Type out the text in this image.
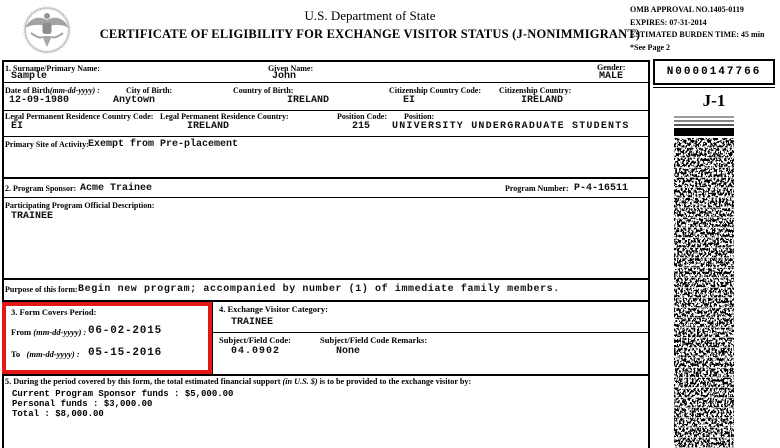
U.S. Department of State
CERTIFICATE OF ELIGIBILITY FOR EXCHANGE VISITOR STATUS (J-NONIMMIGRANT)
OMB APPROVAL NO.1405-0119
EXPIRES: 07-31-2014
ESTIMATED BURDEN TIME: 45 min
*See Page 2
1. Surname/Primary Name:
Sample
Given Name:
John
Gender:
MALE
Date of Birth(mm-dd-yyyy) :
12-09-1980
City of Birth:
Anytown
Country of Birth:
IRELAND
Citizenship Country Code:
EI
Citizenship Country:
IRELAND
Legal Permanent Residence Country Code:
EI
Legal Permanent Residence Country:
IRELAND
Position Code:
215
Position:
UNIVERSITY UNDERGRADUATE STUDENTS
Primary Site of Activity: Exempt from Pre-placement
2. Program Sponsor: Acme Trainee	Program Number: P-4-16511
Participating Program Official Description:
TRAINEE
Purpose of this form: Begin new program; accompanied by number (1) of immediate family members.
3. Form Covers Period:
From (mm-dd-yyyy) : 06-02-2015
To (mm-dd-yyyy) : 05-15-2016
4. Exchange Visitor Category:
TRAINEE
Subject/Field Code:
04.0902
Subject/Field Code Remarks:
None
5. During the period covered by this form, the total estimated financial support (in U.S. $) is to be provided to the exchange visitor by:
Current Program Sponsor funds : $5,000.00
Personal funds : $3,000.00
Total : $8,000.00
N0000147766
J-1
